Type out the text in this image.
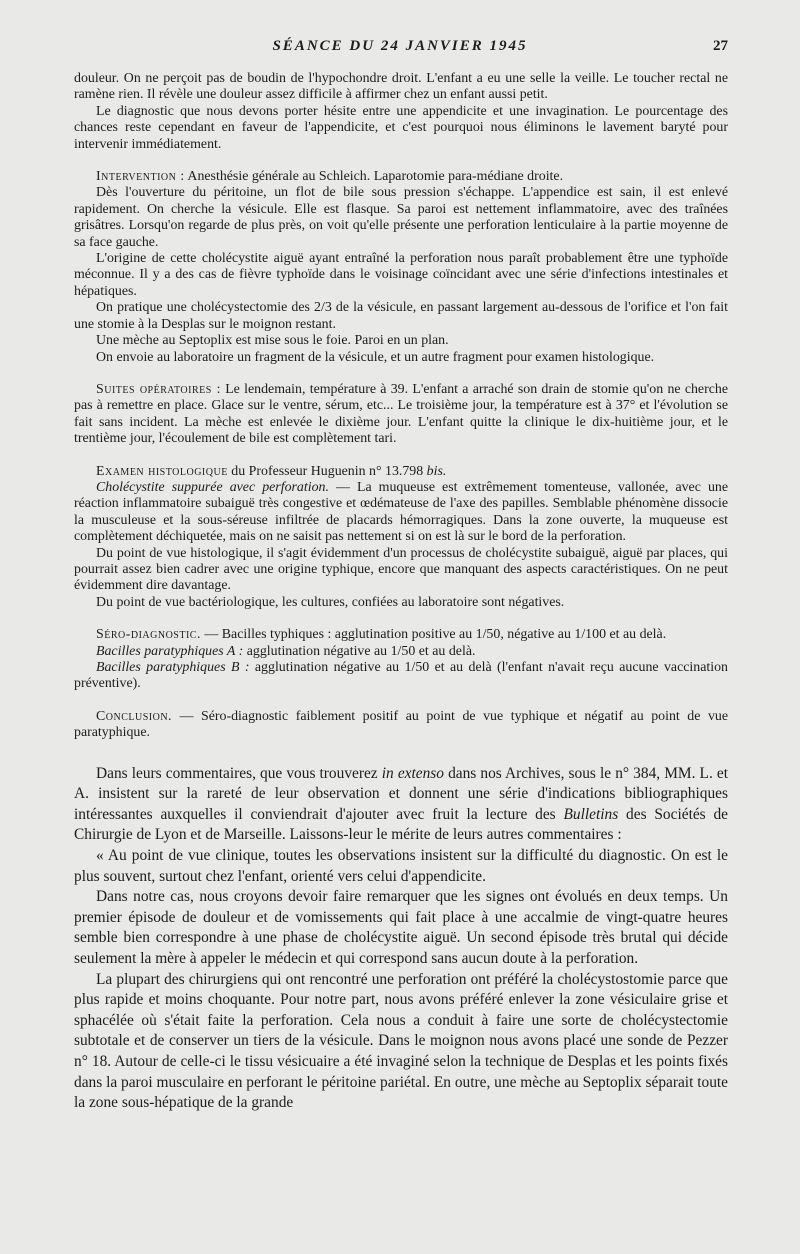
SÉANCE DU 24 JANVIER 1945	27

douleur. On ne perçoit pas de boudin de l'hypochondre droit. L'enfant a eu une selle la veille. Le toucher rectal ne ramène rien. Il révèle une douleur assez difficile à affirmer chez un enfant aussi petit.

Le diagnostic que nous devons porter hésite entre une appendicite et une invagination. Le pourcentage des chances reste cependant en faveur de l'appendicite, et c'est pourquoi nous éliminons le lavement baryté pour intervenir immédiatement.

Intervention : Anesthésie générale au Schleich. Laparotomie para-médiane droite.

Dès l'ouverture du péritoine, un flot de bile sous pression s'échappe. L'appendice est sain, il est enlevé rapidement. On cherche la vésicule. Elle est flasque. Sa paroi est nettement inflammatoire, avec des traînées grisâtres. Lorsqu'on regarde de plus près, on voit qu'elle présente une perforation lenticulaire à la partie moyenne de sa face gauche.

L'origine de cette cholécystite aiguë ayant entraîné la perforation nous paraît probablement être une typhoïde méconnue. Il y a des cas de fièvre typhoïde dans le voisinage coïncidant avec une série d'infections intestinales et hépatiques.

On pratique une cholécystectomie des 2/3 de la vésicule, en passant largement au-dessous de l'orifice et l'on fait une stomie à la Desplas sur le moignon restant.

Une mèche au Septoplix est mise sous le foie. Paroi en un plan.

On envoie au laboratoire un fragment de la vésicule, et un autre fragment pour examen histologique.

Suites opératoires : Le lendemain, température à 39. L'enfant a arraché son drain de stomie qu'on ne cherche pas à remettre en place. Glace sur le ventre, sérum, etc... Le troisième jour, la température est à 37° et l'évolution se fait sans incident. La mèche est enlevée le dixième jour. L'enfant quitte la clinique le dix-huitième jour, et le trentième jour, l'écoulement de bile est complètement tari.

Examen histologique du Professeur Huguenin n° 13.798 bis.

Cholécystite suppurée avec perforation. — La muqueuse est extrêmement tomenteuse, vallonée, avec une réaction inflammatoire subaiguë très congestive et œdémateuse de l'axe des papilles. Semblable phénomène dissocie la musculeuse et la sous-séreuse infiltrée de placards hémorragiques. Dans la zone ouverte, la muqueuse est complètement déchiquetée, mais on ne saisit pas nettement si on est là sur le bord de la perforation.

Du point de vue histologique, il s'agit évidemment d'un processus de cholécystite subaiguë, aiguë par places, qui pourrait assez bien cadrer avec une origine typhique, encore que manquant des aspects caractéristiques. On ne peut évidemment dire davantage.

Du point de vue bactériologique, les cultures, confiées au laboratoire sont négatives.

Séro-diagnostic. — Bacilles typhiques : agglutination positive au 1/50, négative au 1/100 et au delà.

Bacilles paratyphiques A : agglutination négative au 1/50 et au delà.

Bacilles paratyphiques B : agglutination négative au 1/50 et au delà (l'enfant n'avait reçu aucune vaccination préventive).

Conclusion. — Séro-diagnostic faiblement positif au point de vue typhique et négatif au point de vue paratyphique.

Dans leurs commentaires, que vous trouverez in extenso dans nos Archives, sous le n° 384, MM. L. et A. insistent sur la rareté de leur observation et donnent une série d'indications bibliographiques intéressantes auxquelles il conviendrait d'ajouter avec fruit la lecture des Bulletins des Sociétés de Chirurgie de Lyon et de Marseille. Laissons-leur le mérite de leurs autres commentaires :

« Au point de vue clinique, toutes les observations insistent sur la difficulté du diagnostic. On est le plus souvent, surtout chez l'enfant, orienté vers celui d'appendicite.

Dans notre cas, nous croyons devoir faire remarquer que les signes ont évolués en deux temps. Un premier épisode de douleur et de vomissements qui fait place à une accalmie de vingt-quatre heures semble bien correspondre à une phase de cholécystite aiguë. Un second épisode très brutal qui décide seulement la mère à appeler le médecin et qui correspond sans aucun doute à la perforation.

La plupart des chirurgiens qui ont rencontré une perforation ont préféré la cholécystostomie parce que plus rapide et moins choquante. Pour notre part, nous avons préféré enlever la zone vésiculaire grise et sphacélée où s'était faite la perforation. Cela nous a conduit à faire une sorte de cholécystectomie subtotale et de conserver un tiers de la vésicule. Dans le moignon nous avons placé une sonde de Pezzer n° 18. Autour de celle-ci le tissu vésicuaire a été invaginé selon la technique de Desplas et les points fixés dans la paroi musculaire en perforant le péritoine pariétal. En outre, une mèche au Septoplix séparait toute la zone sous-hépatique de la grande
